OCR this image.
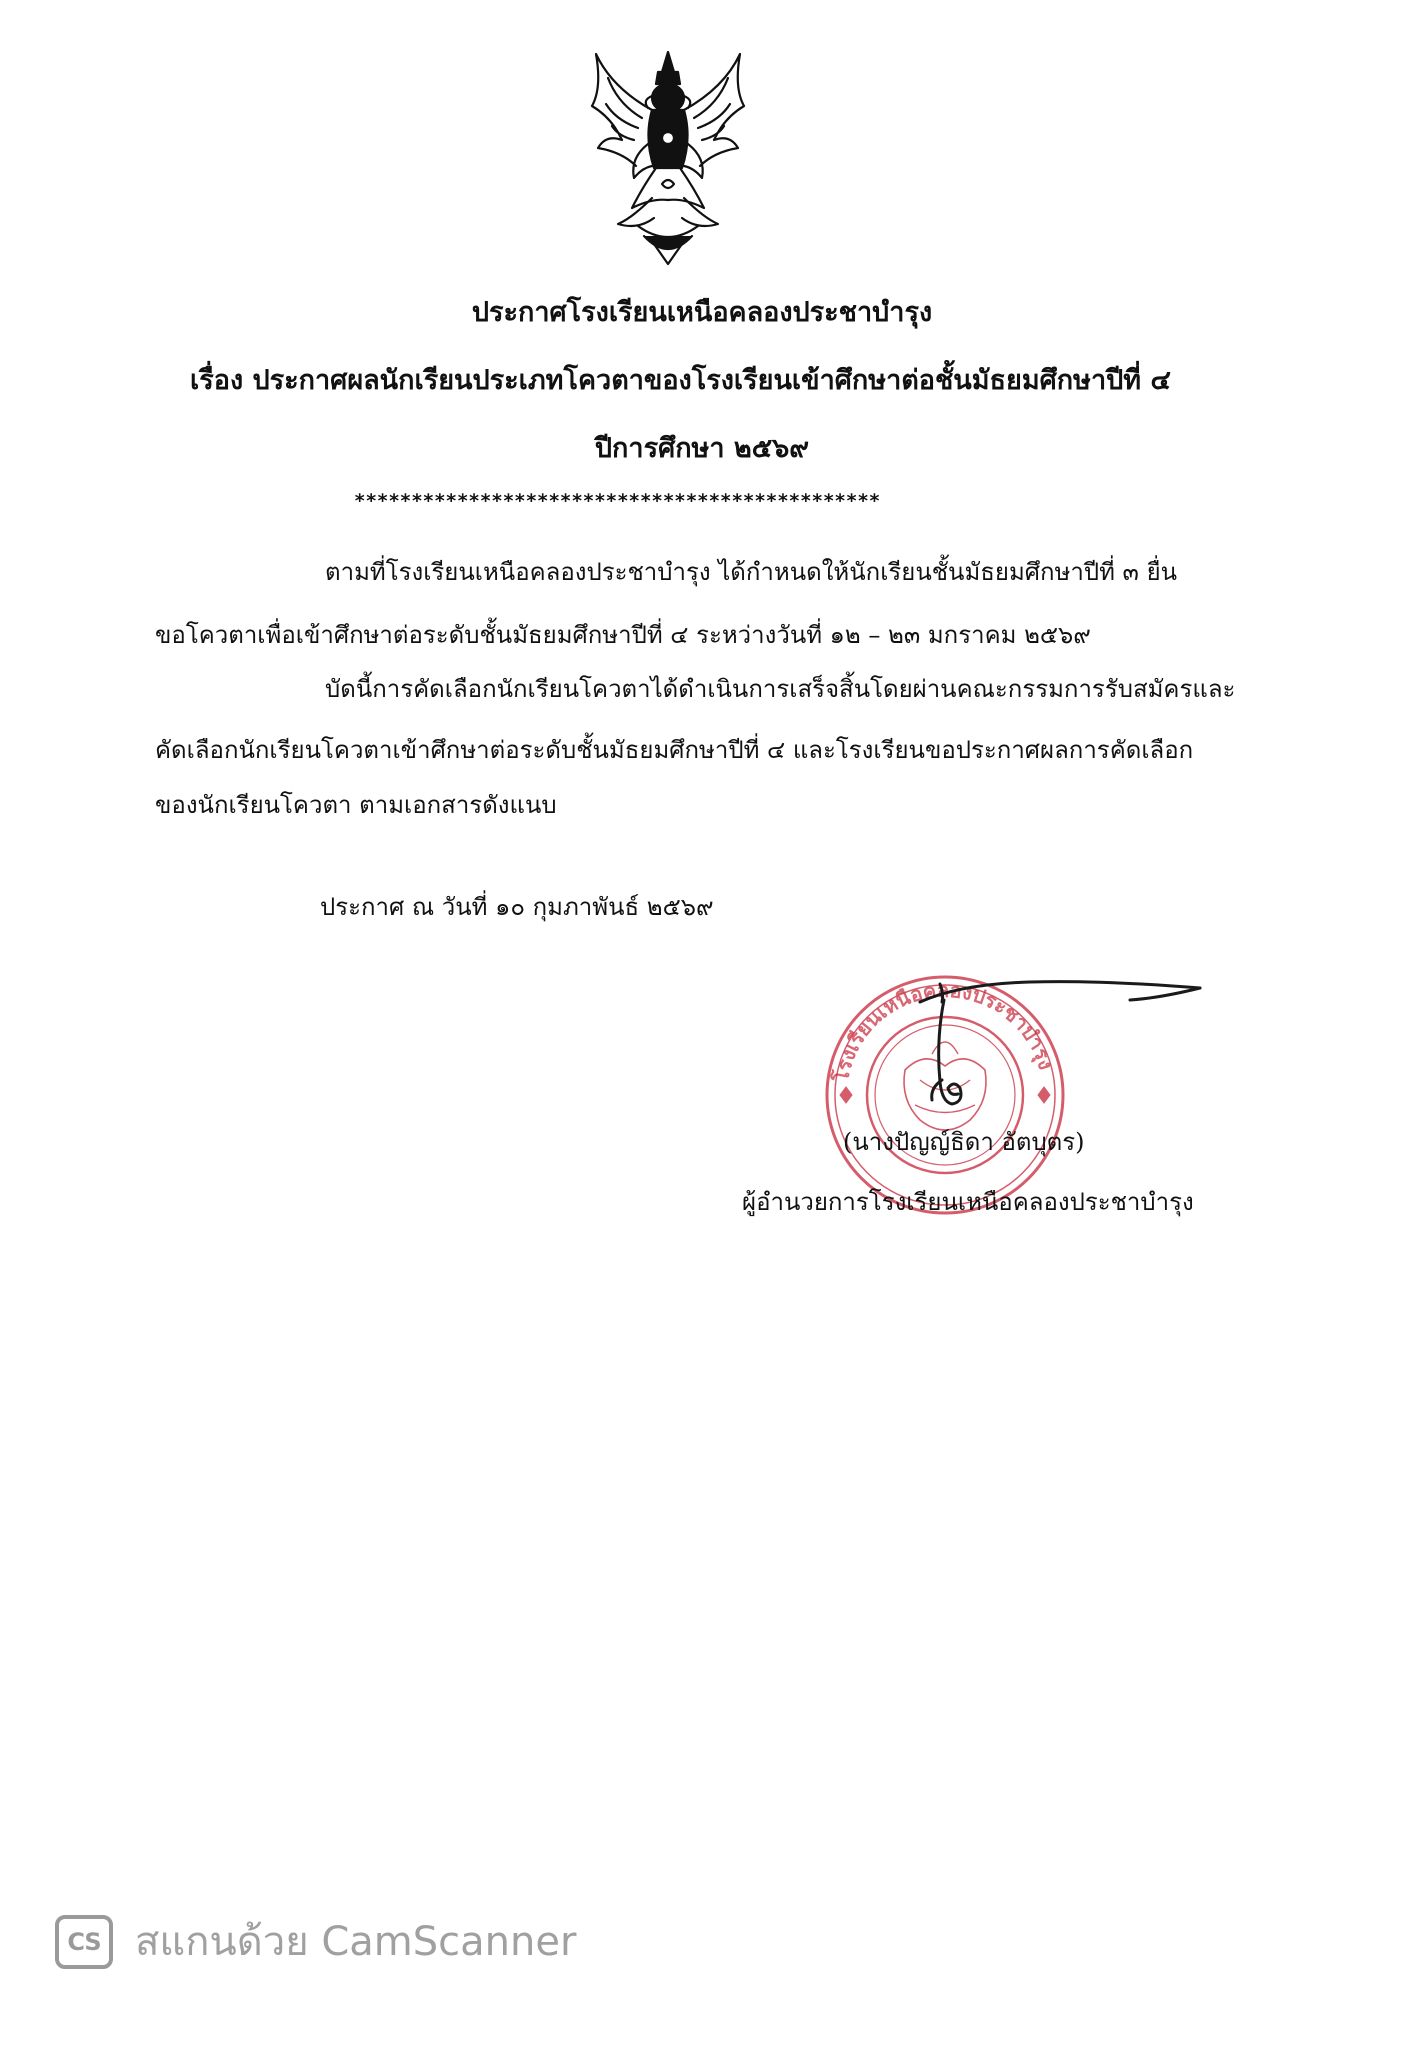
ประกาศโรงเรียนเหนือคลองประชาบำรุง
เรื่อง ประกาศผลนักเรียนประเภทโควตาของโรงเรียนเข้าศึกษาต่อชั้นมัธยมศึกษาปีที่ ๔
ปีการศึกษา ๒๕๖๙
**********************************************
ตามที่โรงเรียนเหนือคลองประชาบำรุง ได้กำหนดให้นักเรียนชั้นมัธยมศึกษาปีที่ ๓ ยื่น
ขอโควตาเพื่อเข้าศึกษาต่อระดับชั้นมัธยมศึกษาปีที่ ๔ ระหว่างวันที่ ๑๒ – ๒๓ มกราคม ๒๕๖๙
บัดนี้การคัดเลือกนักเรียนโควตาได้ดำเนินการเสร็จสิ้นโดยผ่านคณะกรรมการรับสมัครและ
คัดเลือกนักเรียนโควตาเข้าศึกษาต่อระดับชั้นมัธยมศึกษาปีที่ ๔ และโรงเรียนขอประกาศผลการคัดเลือก
ของนักเรียนโควตา ตามเอกสารดังแนบ
ประกาศ ณ วันที่ ๑๐ กุมภาพันธ์ ๒๕๖๙
โรงเรียนเหนือคลองประชาบำรุง
(นางปัญญ์ธิดา อัตบุตร)
ผู้อำนวยการโรงเรียนเหนือคลองประชาบำรุง
CS สแกนด้วย CamScanner
